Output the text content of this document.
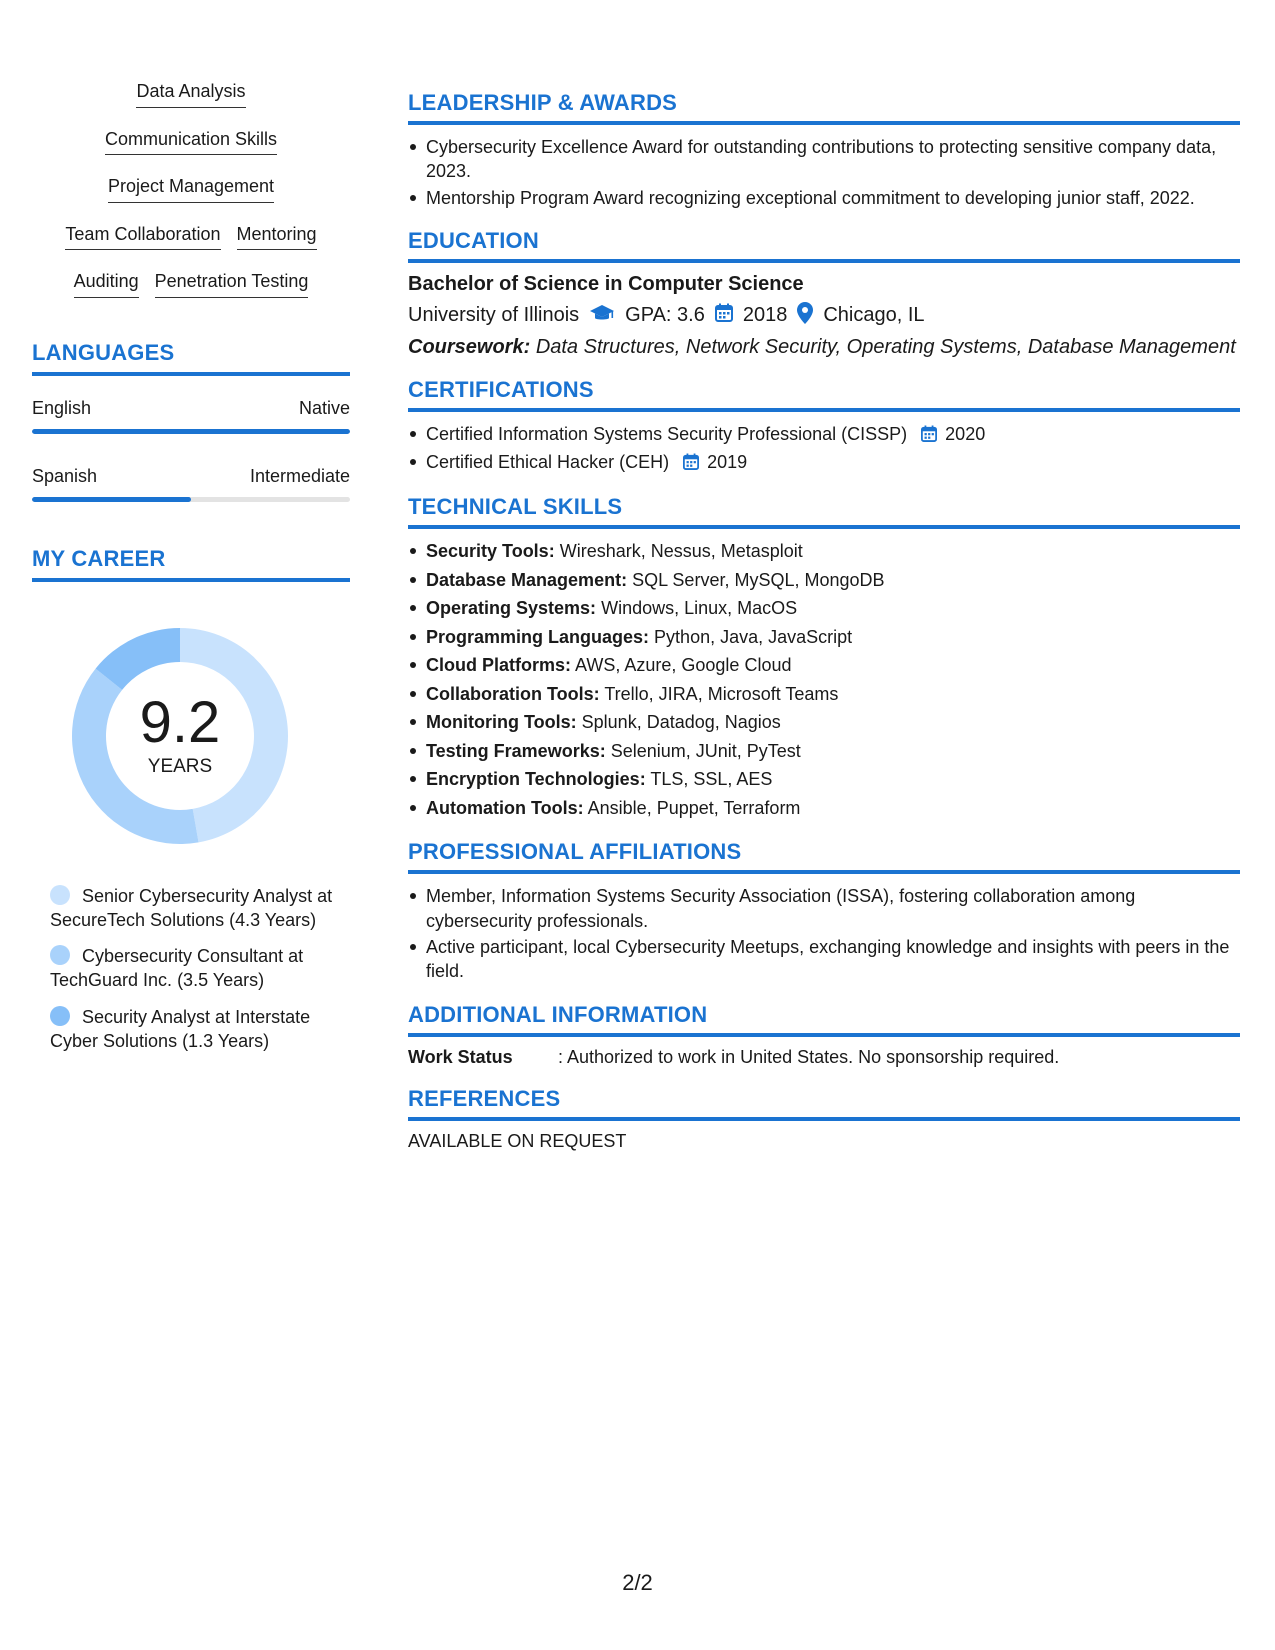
Data Analysis
Communication Skills
Project Management
Team Collaboration Mentoring
Auditing Penetration Testing
LANGUAGES
English	Native
Spanish	Intermediate
MY CAREER
9.2
YEARS
Senior Cybersecurity Analyst at SecureTech Solutions (4.3 Years)
Cybersecurity Consultant at TechGuard Inc. (3.5 Years)
Security Analyst at Interstate Cyber Solutions (1.3 Years)
LEADERSHIP & AWARDS
Cybersecurity Excellence Award for outstanding contributions to protecting sensitive company data, 2023.
Mentorship Program Award recognizing exceptional commitment to developing junior staff, 2022.
EDUCATION
Bachelor of Science in Computer Science
University of Illinois GPA: 3.6 2018 Chicago, IL
Coursework: Data Structures, Network Security, Operating Systems, Database Management
CERTIFICATIONS
Certified Information Systems Security Professional (CISSP) 2020
Certified Ethical Hacker (CEH) 2019
TECHNICAL SKILLS
Security Tools: Wireshark, Nessus, Metasploit
Database Management: SQL Server, MySQL, MongoDB
Operating Systems: Windows, Linux, MacOS
Programming Languages: Python, Java, JavaScript
Cloud Platforms: AWS, Azure, Google Cloud
Collaboration Tools: Trello, JIRA, Microsoft Teams
Monitoring Tools: Splunk, Datadog, Nagios
Testing Frameworks: Selenium, JUnit, PyTest
Encryption Technologies: TLS, SSL, AES
Automation Tools: Ansible, Puppet, Terraform
PROFESSIONAL AFFILIATIONS
Member, Information Systems Security Association (ISSA), fostering collaboration among cybersecurity professionals.
Active participant, local Cybersecurity Meetups, exchanging knowledge and insights with peers in the field.
ADDITIONAL INFORMATION
Work Status	: Authorized to work in United States. No sponsorship required.
REFERENCES
AVAILABLE ON REQUEST
2/2
